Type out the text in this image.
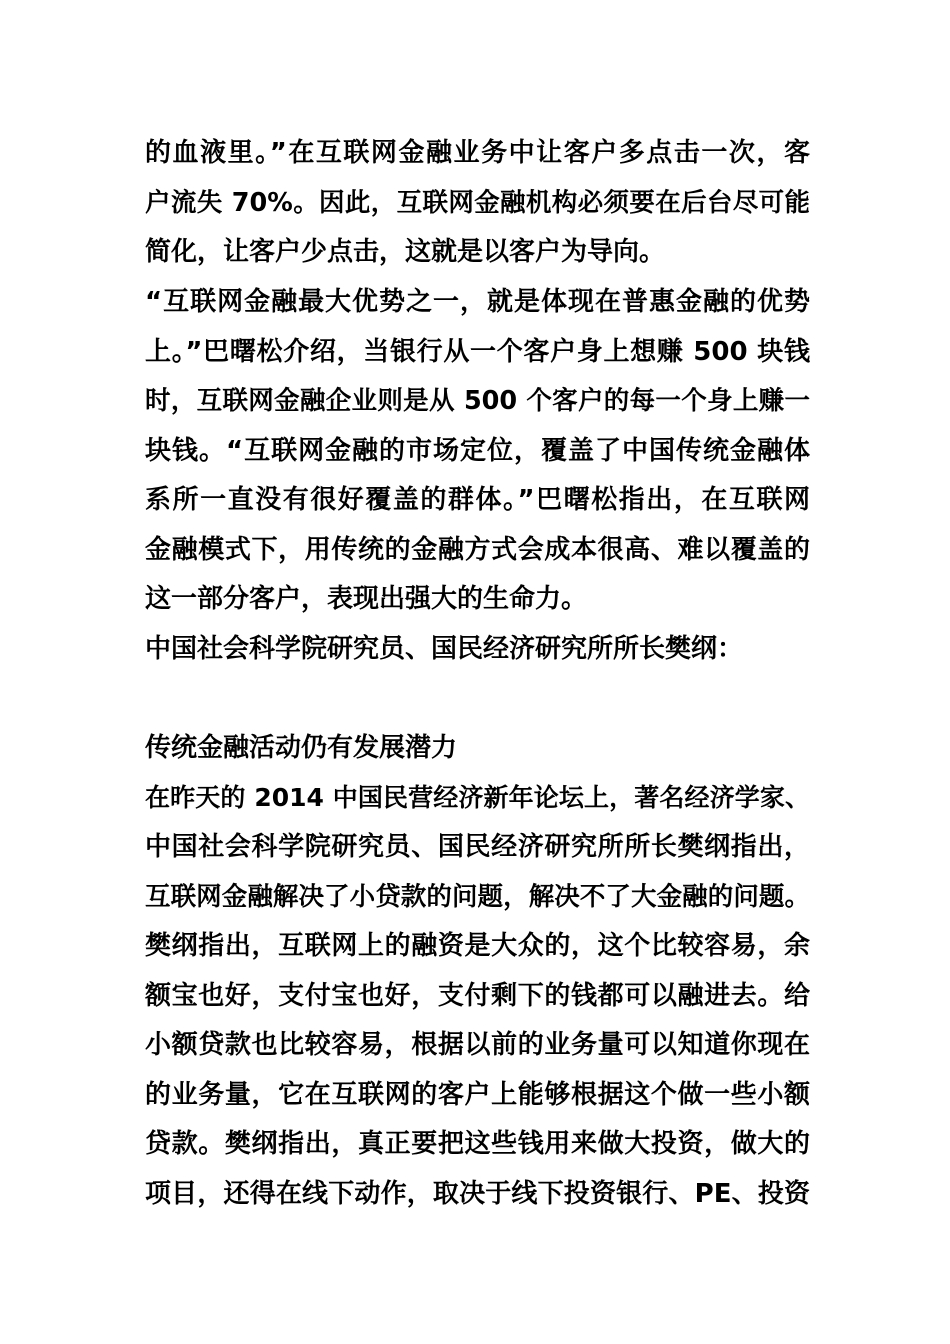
的血液里。”在互联网金融业务中让客户多点击一次，客
户流失 70%。因此，互联网金融机构必须要在后台尽可能
简化，让客户少点击，这就是以客户为导向。
“互联网金融最大优势之一，就是体现在普惠金融的优势
上。”巴曙松介绍，当银行从一个客户身上想赚 500 块钱
时，互联网金融企业则是从 500 个客户的每一个身上赚一
块钱。“互联网金融的市场定位，覆盖了中国传统金融体
系所一直没有很好覆盖的群体。”巴曙松指出，在互联网
金融模式下，用传统的金融方式会成本很高、难以覆盖的
这一部分客户，表现出强大的生命力。
中国社会科学院研究员、国民经济研究所所长樊纲：
传统金融活动仍有发展潜力
在昨天的 2014 中国民营经济新年论坛上，著名经济学家、
中国社会科学院研究员、国民经济研究所所长樊纲指出，
互联网金融解决了小贷款的问题，解决不了大金融的问题。
樊纲指出，互联网上的融资是大众的，这个比较容易，余
额宝也好，支付宝也好，支付剩下的钱都可以融进去。给
小额贷款也比较容易，根据以前的业务量可以知道你现在
的业务量，它在互联网的客户上能够根据这个做一些小额
贷款。樊纲指出，真正要把这些钱用来做大投资，做大的
项目，还得在线下动作，取决于线下投资银行、PE、投资
